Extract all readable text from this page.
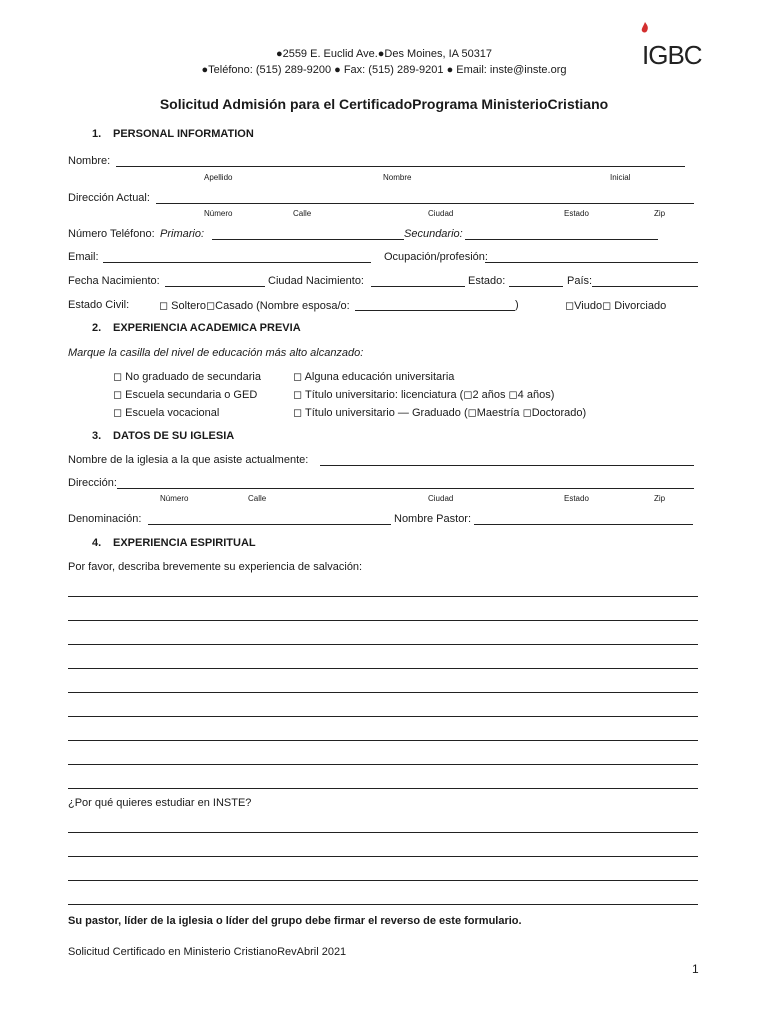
●2559 E. Euclid Ave.●Des Moines, IA 50317
●Teléfono: (515) 289-9200 ● Fax: (515) 289-9201 ● Email: inste@inste.org	IGBC
Solicitud Admisión para el CertificadoPrograma MinisterioCristiano
1. PERSONAL INFORMATION
Nombre:
Apellido	Nombre	Inicial
Dirección Actual:
Número	Calle	Ciudad	Estado	Zip
Número Teléfono: Primario:	Secundario:
Email:	Ocupación/profesión:
Fecha Nacimiento:	Ciudad Nacimiento:	Estado:	País:
Estado Civil:	◻ Soltero◻Casado (Nombre esposa/o:	)	◻Viudo◻ Divorciado
2. EXPERIENCIA ACADEMICA PREVIA
Marque la casilla del nivel de educación más alto alcanzado:
◻ No graduado de secundaria
◻ Escuela secundaria o GED
◻ Escuela vocacional
◻ Alguna educación universitaria
◻ Título universitario: licenciatura (◻2 años ◻4 años)
◻ Título universitario — Graduado (◻Maestría ◻Doctorado)
3. DATOS DE SU IGLESIA
Nombre de la iglesia a la que asiste actualmente:
Dirección:
Número	Calle	Ciudad	Estado	Zip
Denominación:	Nombre Pastor:
4. EXPERIENCIA ESPIRITUAL
Por favor, describa brevemente su experiencia de salvación:
¿Por qué quieres estudiar en INSTE?
Su pastor, líder de la iglesia o líder del grupo debe firmar el reverso de este formulario.
Solicitud Certificado en Ministerio CristianoRevAbril 2021
1
